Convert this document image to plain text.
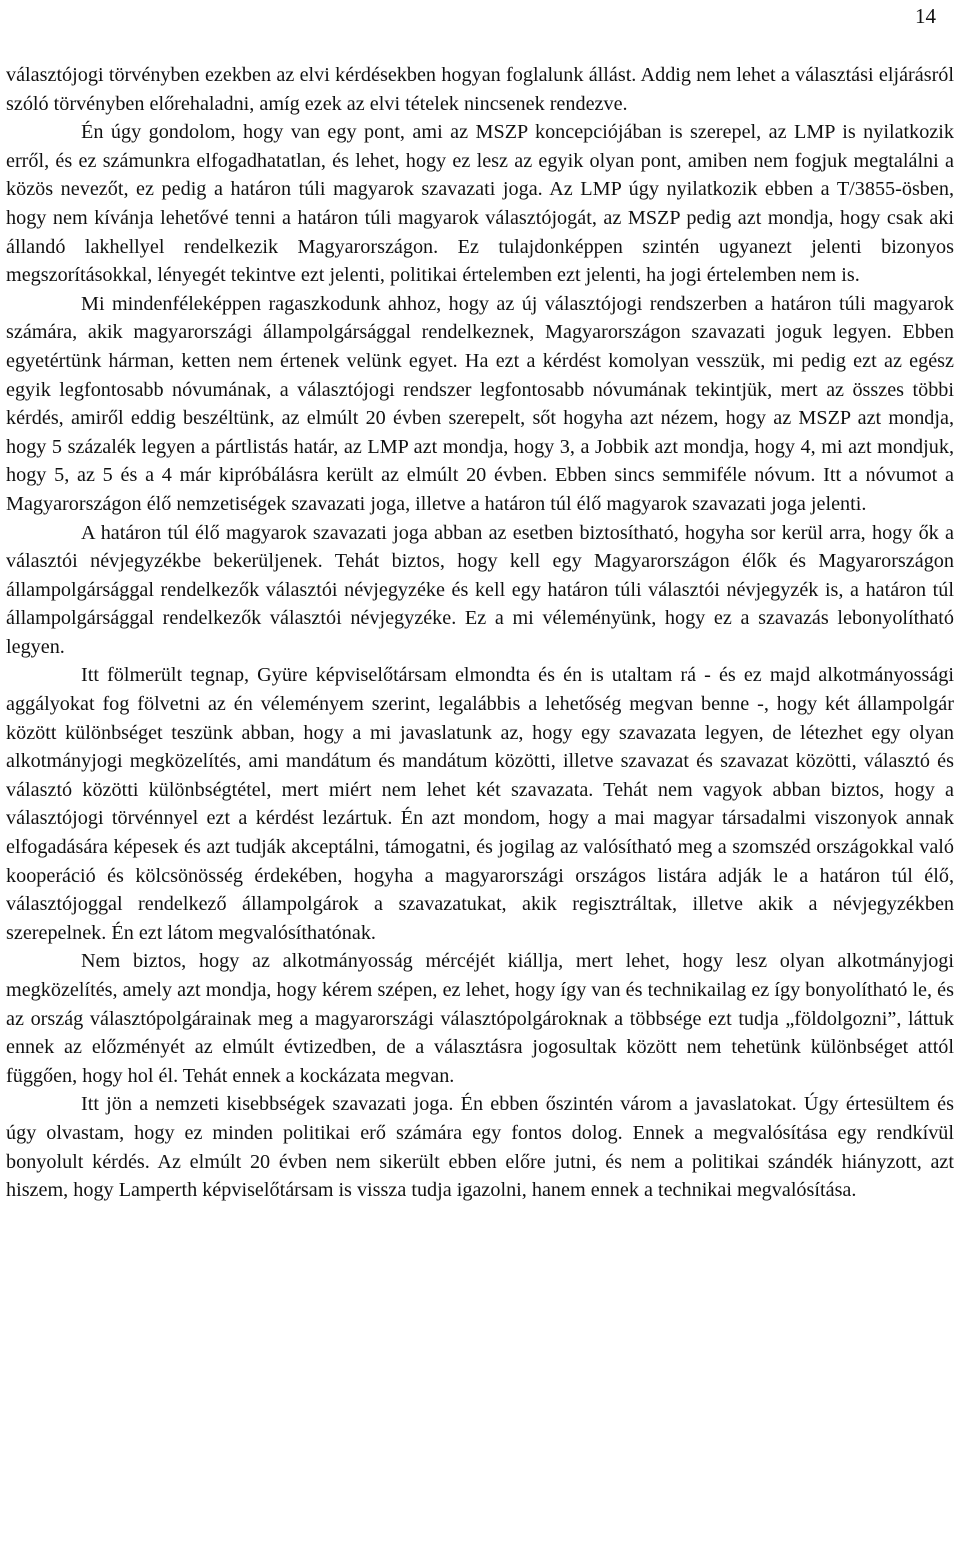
14

választójogi törvényben ezekben az elvi kérdésekben hogyan foglalunk állást. Addig nem lehet a választási eljárásról szóló törvényben előrehaladni, amíg ezek az elvi tételek nincsenek rendezve.

Én úgy gondolom, hogy van egy pont, ami az MSZP koncepciójában is szerepel, az LMP is nyilatkozik erről, és ez számunkra elfogadhatatlan, és lehet, hogy ez lesz az egyik olyan pont, amiben nem fogjuk megtalálni a közös nevezőt, ez pedig a határon túli magyarok szavazati joga. Az LMP úgy nyilatkozik ebben a T/3855-ösben, hogy nem kívánja lehetővé tenni a határon túli magyarok választójogát, az MSZP pedig azt mondja, hogy csak aki állandó lakhellyel rendelkezik Magyarországon. Ez tulajdonképpen szintén ugyanezt jelenti bizonyos megszorításokkal, lényegét tekintve ezt jelenti, politikai értelemben ezt jelenti, ha jogi értelemben nem is.

Mi mindenféleképpen ragaszkodunk ahhoz, hogy az új választójogi rendszerben a határon túli magyarok számára, akik magyarországi állampolgársággal rendelkeznek, Magyarországon szavazati joguk legyen. Ebben egyetértünk hárman, ketten nem értenek velünk egyet. Ha ezt a kérdést komolyan vesszük, mi pedig ezt az egész egyik legfontosabb nóvumának, a választójogi rendszer legfontosabb nóvumának tekintjük, mert az összes többi kérdés, amiről eddig beszéltünk, az elmúlt 20 évben szerepelt, sőt hogyha azt nézem, hogy az MSZP azt mondja, hogy 5 százalék legyen a pártlistás határ, az LMP azt mondja, hogy 3, a Jobbik azt mondja, hogy 4, mi azt mondjuk, hogy 5, az 5 és a 4 már kipróbálásra került az elmúlt 20 évben. Ebben sincs semmiféle nóvum. Itt a nóvumot a Magyarországon élő nemzetiségek szavazati joga, illetve a határon túl élő magyarok szavazati joga jelenti.

A határon túl élő magyarok szavazati joga abban az esetben biztosítható, hogyha sor kerül arra, hogy ők a választói névjegyzékbe bekerüljenek. Tehát biztos, hogy kell egy Magyarországon élők és Magyarországon állampolgársággal rendelkezők választói névjegyzéke és kell egy határon túli választói névjegyzék is, a határon túl állampolgársággal rendelkezők választói névjegyzéke. Ez a mi véleményünk, hogy ez a szavazás lebonyolítható legyen.

Itt fölmerült tegnap, Gyüre képviselőtársam elmondta és én is utaltam rá - és ez majd alkotmányossági aggályokat fog fölvetni az én véleményem szerint, legalábbis a lehetőség megvan benne -, hogy két állampolgár között különbséget teszünk abban, hogy a mi javaslatunk az, hogy egy szavazata legyen, de létezhet egy olyan alkotmányjogi megközelítés, ami mandátum és mandátum közötti, illetve szavazat és szavazat közötti, választó és választó közötti különbségtétel, mert miért nem lehet két szavazata. Tehát nem vagyok abban biztos, hogy a választójogi törvénnyel ezt a kérdést lezártuk. Én azt mondom, hogy a mai magyar társadalmi viszonyok annak elfogadására képesek és azt tudják akceptálni, támogatni, és jogilag az valósítható meg a szomszéd országokkal való kooperáció és kölcsönösség érdekében, hogyha a magyarországi országos listára adják le a határon túl élő, választójoggal rendelkező állampolgárok a szavazatukat, akik regisztráltak, illetve akik a névjegyzékben szerepelnek. Én ezt látom megvalósíthatónak.

Nem biztos, hogy az alkotmányosság mércéjét kiállja, mert lehet, hogy lesz olyan alkotmányjogi megközelítés, amely azt mondja, hogy kérem szépen, ez lehet, hogy így van és technikailag ez így bonyolítható le, és az ország választópolgárainak meg a magyarországi választópolgároknak a többsége ezt tudja „földolgozni”, láttuk ennek az előzményét az elmúlt évtizedben, de a választásra jogosultak között nem tehetünk különbséget attól függően, hogy hol él. Tehát ennek a kockázata megvan.

Itt jön a nemzeti kisebbségek szavazati joga. Én ebben őszintén várom a javaslatokat. Úgy értesültem és úgy olvastam, hogy ez minden politikai erő számára egy fontos dolog. Ennek a megvalósítása egy rendkívül bonyolult kérdés. Az elmúlt 20 évben nem sikerült ebben előre jutni, és nem a politikai szándék hiányzott, azt hiszem, hogy Lamperth képviselőtársam is vissza tudja igazolni, hanem ennek a technikai megvalósítása.
